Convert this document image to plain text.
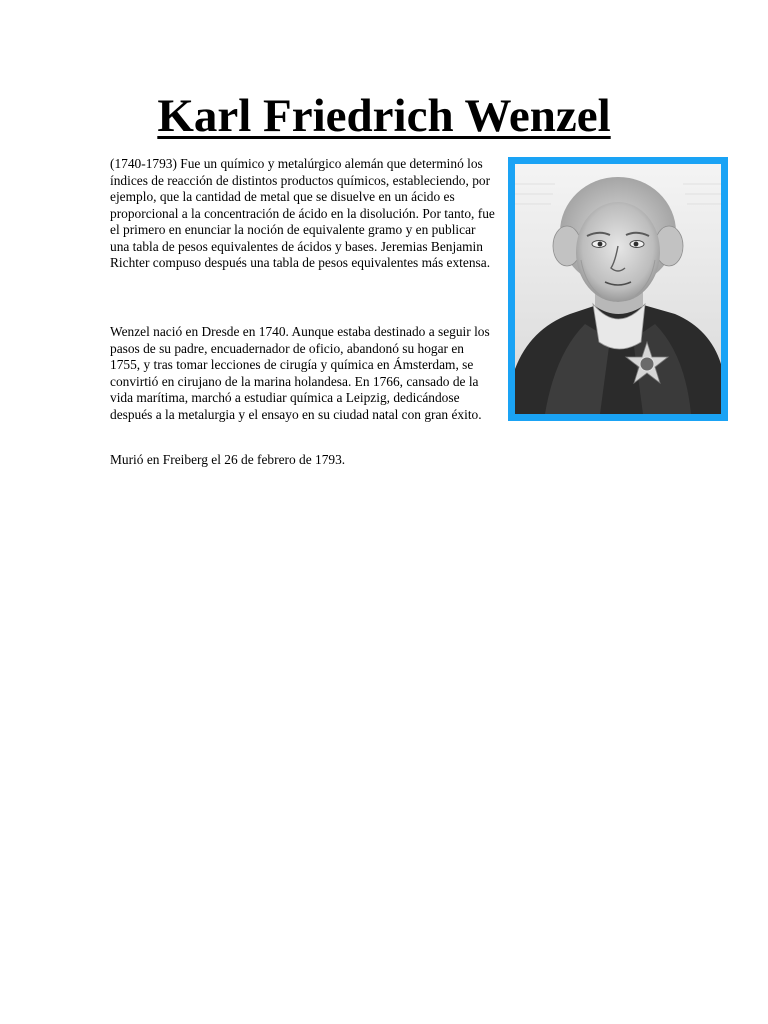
Karl Friedrich Wenzel

(1740-1793) Fue un químico y metalúrgico alemán que determinó los índices de reacción de distintos productos químicos, estableciendo, por ejemplo, que la cantidad de metal que se disuelve en un ácido es proporcional a la concentración de ácido en la disolución. Por tanto, fue el primero en enunciar la noción de equivalente gramo y en publicar una tabla de pesos equivalentes de ácidos y bases. Jeremias Benjamin Richter compuso después una tabla de pesos equivalentes más extensa.

Wenzel nació en Dresde en 1740. Aunque estaba destinado a seguir los pasos de su padre, encuadernador de oficio, abandonó su hogar en 1755, y tras tomar lecciones de cirugía y química en Ámsterdam, se convirtió en cirujano de la marina holandesa. En 1766, cansado de la vida marítima, marchó a estudiar química a Leipzig, dedicándose después a la metalurgia y el ensayo en su ciudad natal con gran éxito.

Murió en Freiberg el 26 de febrero de 1793.
